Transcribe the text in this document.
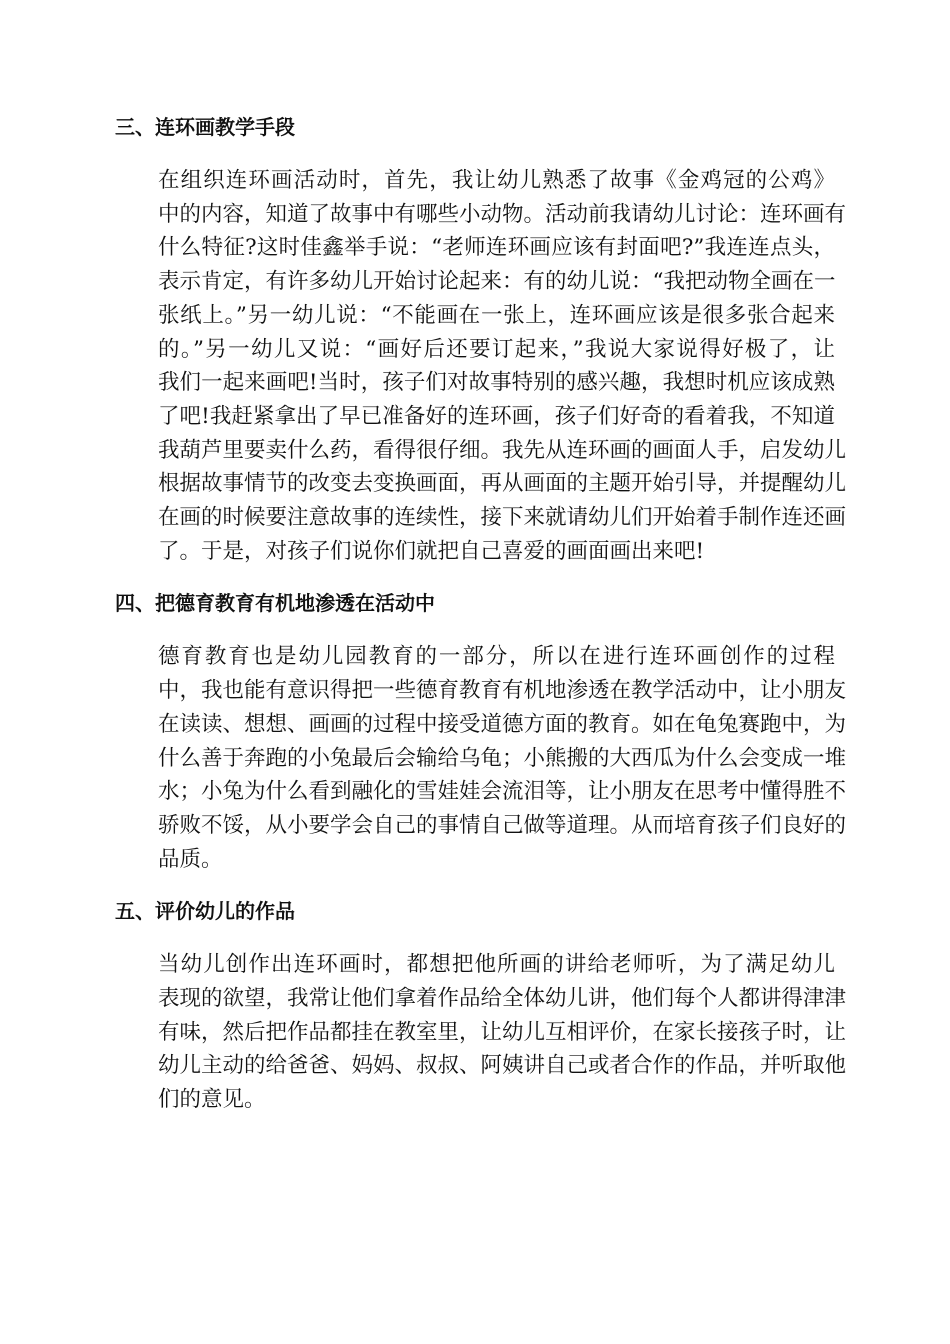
三、连环画教学手段
在组织连环画活动时，首先，我让幼儿熟悉了故事《金鸡冠的公鸡》
中的内容，知道了故事中有哪些小动物。活动前我请幼儿讨论：连环画有
什么特征?这时佳鑫举手说：“老师连环画应该有封面吧?”我连连点头，
表示肯定，有许多幼儿开始讨论起来：有的幼儿说：“我把动物全画在一
张纸上。”另一幼儿说：“不能画在一张上，连环画应该是很多张合起来
的。”另一幼儿又说：“画好后还要订起来，”我说大家说得好极了，让
我们一起来画吧!当时，孩子们对故事特别的感兴趣，我想时机应该成熟
了吧!我赶紧拿出了早已准备好的连环画，孩子们好奇的看着我，不知道
我葫芦里要卖什么药，看得很仔细。我先从连环画的画面人手，启发幼儿
根据故事情节的改变去变换画面，再从画面的主题开始引导，并提醒幼儿
在画的时候要注意故事的连续性，接下来就请幼儿们开始着手制作连还画
了。于是，对孩子们说你们就把自己喜爱的画面画出来吧!
四、把德育教育有机地渗透在活动中
德育教育也是幼儿园教育的一部分，所以在进行连环画创作的过程
中，我也能有意识得把一些德育教育有机地渗透在教学活动中，让小朋友
在读读、想想、画画的过程中接受道德方面的教育。如在龟兔赛跑中，为
什么善于奔跑的小兔最后会输给乌龟；小熊搬的大西瓜为什么会变成一堆
水；小兔为什么看到融化的雪娃娃会流泪等，让小朋友在思考中懂得胜不
骄败不馁，从小要学会自己的事情自己做等道理。从而培育孩子们良好的
品质。
五、评价幼儿的作品
当幼儿创作出连环画时，都想把他所画的讲给老师听，为了满足幼儿
表现的欲望，我常让他们拿着作品给全体幼儿讲，他们每个人都讲得津津
有味，然后把作品都挂在教室里，让幼儿互相评价，在家长接孩子时，让
幼儿主动的给爸爸、妈妈、叔叔、阿姨讲自己或者合作的作品，并听取他
们的意见。
